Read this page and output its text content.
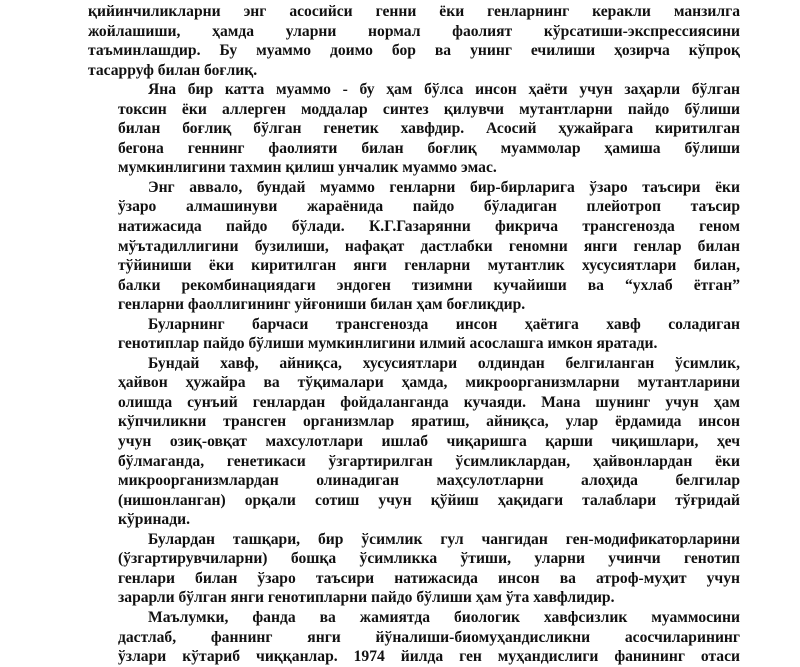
қийинчиликларни энг асосийси генни ёки генларнинг керакли манзилга
жойлашиши, ҳамда уларни нормал фаолият кўрсатиши-экспрессиясини
таъминлашдир. Бу муаммо доимо бор ва унинг ечилиши ҳозирча кўпроқ
тасарруф билан боғлиқ.

Яна бир катта муаммо - бу ҳам бўлса инсон ҳаёти учун заҳарли бўлган
токсин ёки аллерген моддалар синтез қилувчи мутантларни пайдо бўлиши
билан боғлиқ бўлган генетик хавфдир. Асосий ҳужайрага киритилган
бегона геннинг фаолияти билан боғлиқ муаммолар ҳамиша бўлиши
мумкинлигини тахмин қилиш унчалик муаммо эмас.

Энг аввало, бундай муаммо генларни бир-бирларига ўзаро таъсири ёки
ўзаро алмашинуви жараёнида пайдо бўладиган плейотроп таъсир
натижасида пайдо бўлади. К.Г.Газарянни фикрича трансгенозда геном
мўътадиллигини бузилиши, нафақат дастлабки геномни янги генлар билан
тўйиниши ёки киритилган янги генларни мутантлик хусусиятлари билан,
балки рекомбинациядаги эндоген тизимни кучайиши ва “ухлаб ётган”
генларни фаоллигининг уйғониши билан ҳам боғлиқдир.

Буларнинг барчаси трансгенозда инсон ҳаётига хавф соладиган
генотиплар пайдо бўлиши мумкинлигини илмий асослашга имкон яратади.

Бундай хавф, айниқса, хусусиятлари олдиндан белгиланган ўсимлик,
ҳайвон ҳужайра ва тўқималари ҳамда, микроорганизмларни мутантларини
олишда сунъий генлардан фойдаланганда кучаяди. Мана шунинг учун ҳам
кўпчиликни трансген организмлар яратиш, айниқса, улар ёрдамида инсон
учун озиқ-овқат махсулотлари ишлаб чиқаришга қарши чиқишлари, ҳеч
бўлмаганда, генетикаси ўзгартирилган ўсимликлардан, ҳайвонлардан ёки
микроорганизмлардан олинадиган маҳсулотларни алоҳида белгилар
(нишонланган) орқали сотиш учун қўйиш ҳақидаги талаблари тўғридай
кўринади.

Булардан ташқари, бир ўсимлик гул чангидан ген-модификаторларини
(ўзгартирувчиларни) бошқа ўсимликка ўтиши, уларни учинчи генотип
генлари билан ўзаро таъсири натижасида инсон ва атроф-муҳит учун
зарарли бўлган янги генотипларни пайдо бўлиши ҳам ўта хавфлидир.

Маълумки, фанда ва жамиятда биологик хавфсизлик муаммосини
дастлаб, фаннинг янги йўналиши-биомуҳандисликни асосчиларининг
ўзлари кўтариб чиққанлар. 1974 йилда ген муҳандислиги фанининг отаси
